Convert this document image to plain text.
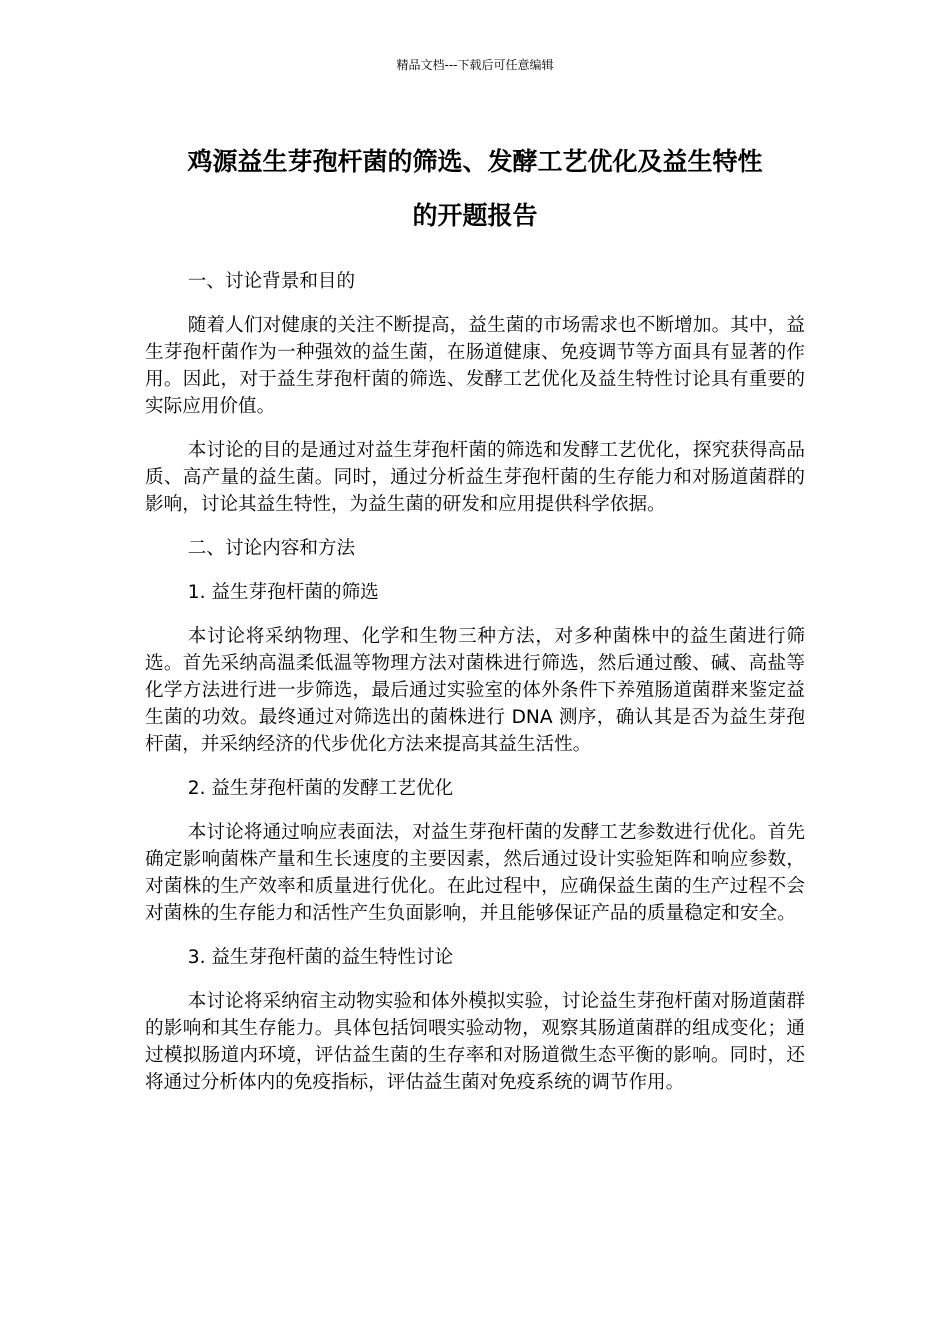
精品文档---下载后可任意编辑
鸡源益生芽孢杆菌的筛选、发酵工艺优化及益生特性
的开题报告

一、讨论背景和目的

随着人们对健康的关注不断提高，益生菌的市场需求也不断增加。其中，益生芽孢杆菌作为一种强效的益生菌，在肠道健康、免疫调节等方面具有显著的作用。因此，对于益生芽孢杆菌的筛选、发酵工艺优化及益生特性讨论具有重要的实际应用价值。

本讨论的目的是通过对益生芽孢杆菌的筛选和发酵工艺优化，探究获得高品质、高产量的益生菌。同时，通过分析益生芽孢杆菌的生存能力和对肠道菌群的影响，讨论其益生特性，为益生菌的研发和应用提供科学依据。

二、讨论内容和方法

1. 益生芽孢杆菌的筛选

本讨论将采纳物理、化学和生物三种方法，对多种菌株中的益生菌进行筛选。首先采纳高温柔低温等物理方法对菌株进行筛选，然后通过酸、碱、高盐等化学方法进行进一步筛选，最后通过实验室的体外条件下养殖肠道菌群来鉴定益生菌的功效。最终通过对筛选出的菌株进行 DNA 测序，确认其是否为益生芽孢杆菌，并采纳经济的代步优化方法来提高其益生活性。

2. 益生芽孢杆菌的发酵工艺优化

本讨论将通过响应表面法，对益生芽孢杆菌的发酵工艺参数进行优化。首先确定影响菌株产量和生长速度的主要因素，然后通过设计实验矩阵和响应参数，对菌株的生产效率和质量进行优化。在此过程中，应确保益生菌的生产过程不会对菌株的生存能力和活性产生负面影响，并且能够保证产品的质量稳定和安全。

3. 益生芽孢杆菌的益生特性讨论

本讨论将采纳宿主动物实验和体外模拟实验，讨论益生芽孢杆菌对肠道菌群的影响和其生存能力。具体包括饲喂实验动物，观察其肠道菌群的组成变化；通过模拟肠道内环境，评估益生菌的生存率和对肠道微生态平衡的影响。同时，还将通过分析体内的免疫指标，评估益生菌对免疫系统的调节作用。
